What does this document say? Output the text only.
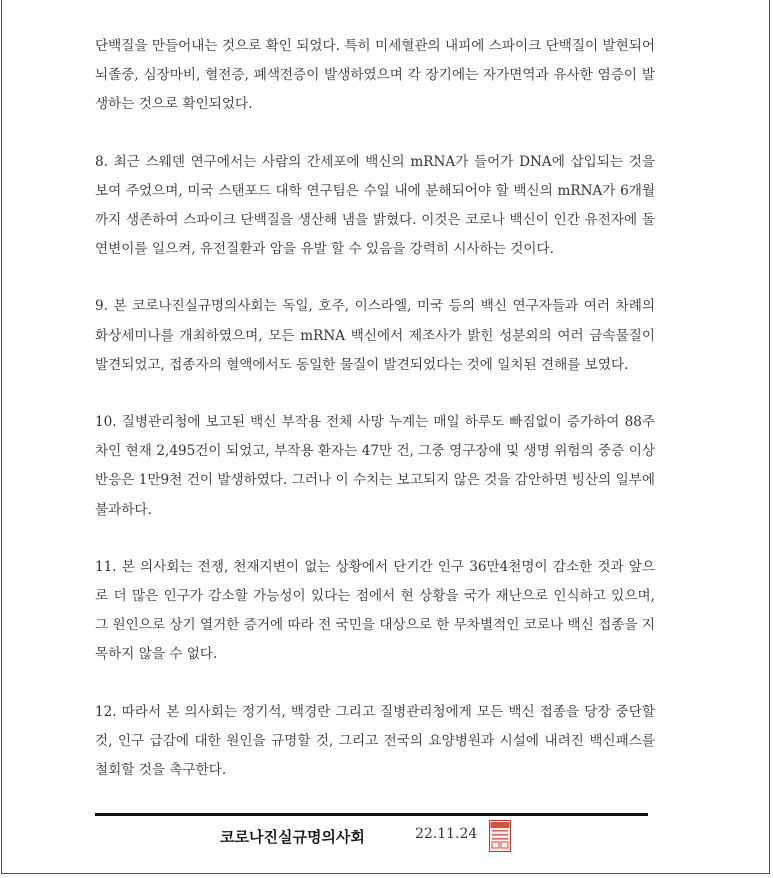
단백질을 만들어내는 것으로 확인 되었다. 특히 미세혈관의 내피에 스파이크 단백질이 발현되어 뇌졸중, 심장마비, 혈전증, 폐색전증이 발생하였으며 각 장기에는 자가면역과 유사한 염증이 발생하는 것으로 확인되었다.

8. 최근 스웨덴 연구에서는 사람의 간세포에 백신의 mRNA가 들어가 DNA에 삽입되는 것을 보여 주었으며, 미국 스탠포드 대학 연구팀은 수일 내에 분해되어야 할 백신의 mRNA가 6개월 까지 생존하여 스파이크 단백질을 생산해 냄을 밝혔다. 이것은 코로나 백신이 인간 유전자에 돌연변이를 일으켜, 유전질환과 암을 유발 할 수 있음을 강력히 시사하는 것이다.

9. 본 코로나진실규명의사회는 독일, 호주, 이스라엘, 미국 등의 백신 연구자들과 여러 차례의 화상세미나를 개최하였으며, 모든 mRNA 백신에서 제조사가 밝힌 성분외의 여러 금속물질이 발견되었고, 접종자의 혈액에서도 동일한 물질이 발견되었다는 것에 일치된 견해를 보였다.

10. 질병관리청에 보고된 백신 부작용 전체 사망 누계는 매일 하루도 빠짐없이 증가하여 88주차인 현재 2,495건이 되었고, 부작용 환자는 47만 건, 그중 영구장애 및 생명 위험의 중증 이상반응은 1만9천 건이 발생하였다. 그러나 이 수치는 보고되지 않은 것을 감안하면 빙산의 일부에 불과하다.

11. 본 의사회는 전쟁, 천재지변이 없는 상황에서 단기간 인구 36만4천명이 감소한 것과 앞으로 더 많은 인구가 감소할 가능성이 있다는 점에서 현 상황을 국가 재난으로 인식하고 있으며, 그 원인으로 상기 열거한 증거에 따라 전 국민을 대상으로 한 무차별적인 코로나 백신 접종을 지목하지 않을 수 없다.

12. 따라서 본 의사회는 정기석, 백경란 그리고 질병관리청에게 모든 백신 접종을 당장 중단할 것, 인구 급감에 대한 원인을 규명할 것, 그리고 전국의 요양병원과 시설에 내려진 백신패스를 철회할 것을 촉구한다.

코로나진실규명의사회	22.11.24
